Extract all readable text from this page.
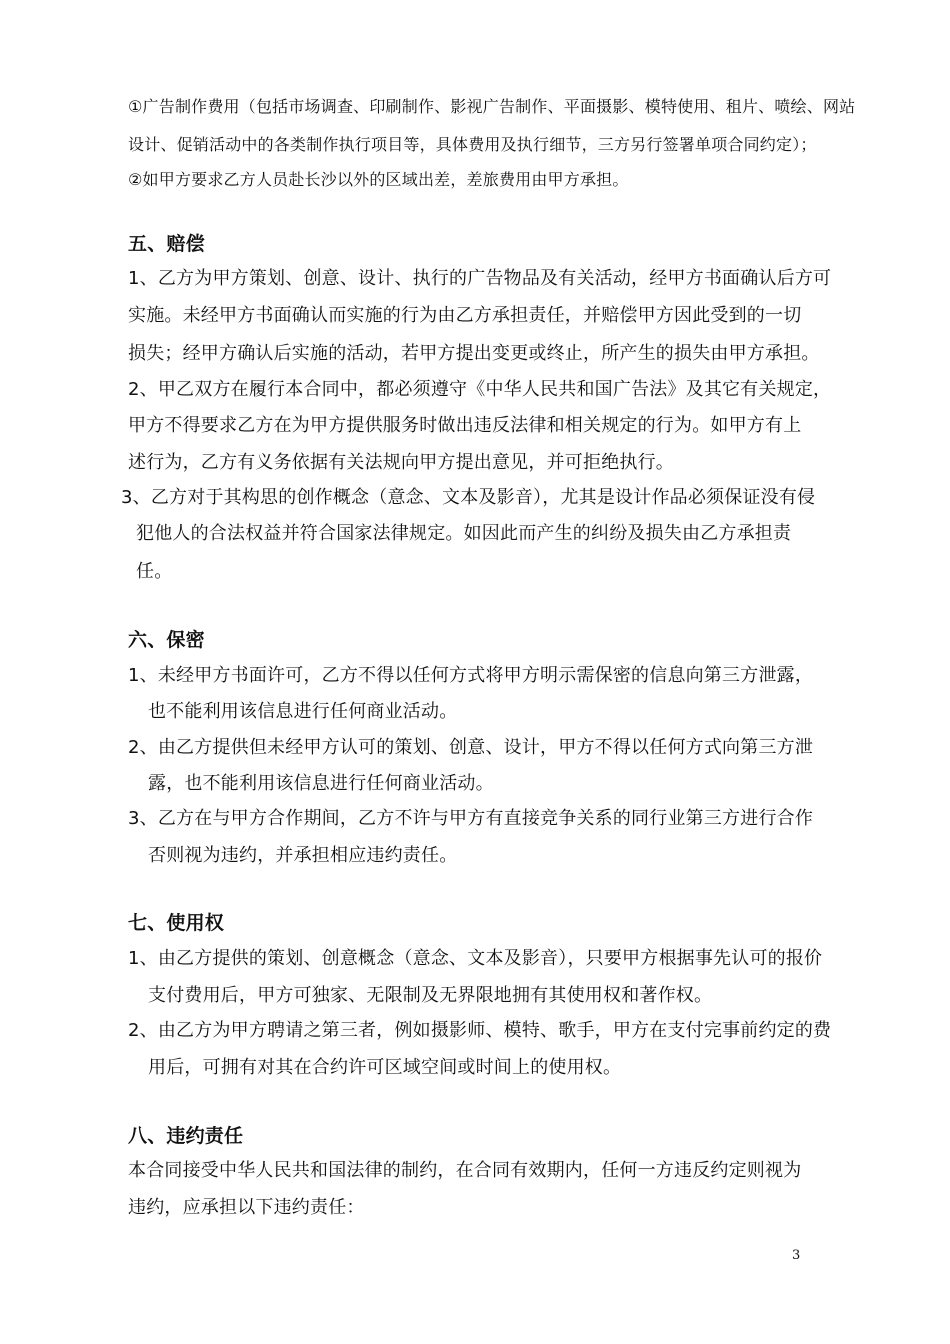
①广告制作费用（包括市场调查、印刷制作、影视广告制作、平面摄影、模特使用、租片、喷绘、网站
设计、促销活动中的各类制作执行项目等，具体费用及执行细节，三方另行签署单项合同约定）；
②如甲方要求乙方人员赴长沙以外的区域出差，差旅费用由甲方承担。
五、赔偿
1、乙方为甲方策划、创意、设计、执行的广告物品及有关活动，经甲方书面确认后方可
实施。未经甲方书面确认而实施的行为由乙方承担责任，并赔偿甲方因此受到的一切
损失；经甲方确认后实施的活动，若甲方提出变更或终止，所产生的损失由甲方承担。
2、甲乙双方在履行本合同中，都必须遵守《中华人民共和国广告法》及其它有关规定，
甲方不得要求乙方在为甲方提供服务时做出违反法律和相关规定的行为。如甲方有上
述行为，乙方有义务依据有关法规向甲方提出意见，并可拒绝执行。
3、乙方对于其构思的创作概念（意念、文本及影音），尤其是设计作品必须保证没有侵
犯他人的合法权益并符合国家法律规定。如因此而产生的纠纷及损失由乙方承担责
任。
六、保密
1、未经甲方书面许可，乙方不得以任何方式将甲方明示需保密的信息向第三方泄露，
也不能利用该信息进行任何商业活动。
2、由乙方提供但未经甲方认可的策划、创意、设计，甲方不得以任何方式向第三方泄
露，也不能利用该信息进行任何商业活动。
3、乙方在与甲方合作期间，乙方不许与甲方有直接竞争关系的同行业第三方进行合作
否则视为违约，并承担相应违约责任。
七、使用权
1、由乙方提供的策划、创意概念（意念、文本及影音），只要甲方根据事先认可的报价
支付费用后，甲方可独家、无限制及无界限地拥有其使用权和著作权。
2、由乙方为甲方聘请之第三者，例如摄影师、模特、歌手，甲方在支付完事前约定的费
用后，可拥有对其在合约许可区域空间或时间上的使用权。
八、违约责任
本合同接受中华人民共和国法律的制约，在合同有效期内，任何一方违反约定则视为
违约，应承担以下违约责任：
3
